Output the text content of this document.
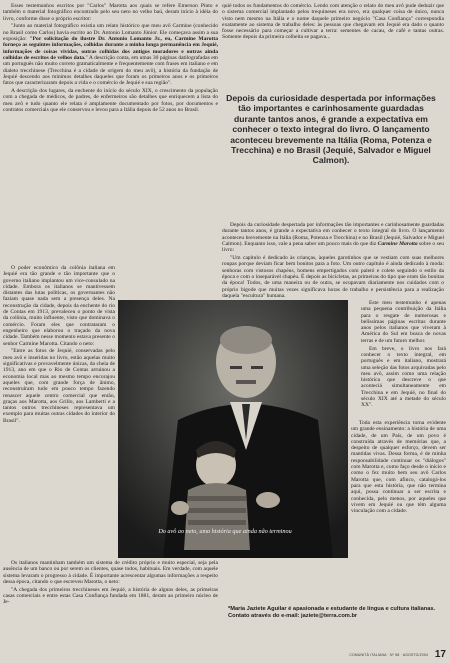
Esses testemunhos escritos por "Carlos" Marotta aos quais se refere Emerson Pinto e também o material fotográfico encontrado pelo seu neto no velho baú, deram início à idéia do livro, conforme disse o próprio escritor:

"Junto ao material fotográfico existia um relato histórico que meu avô Carmine (conhecido no Brasil como Carlos) havia escrito ao Dr. Antonio Lomanto Júnior. Ele começava assim a sua exposição: "Por solicitação do ilustre Dr. Antonio Lomanto Jr., eu, Carmine Marotta forneço as seguintes informações, colhidas durante a minha longa permanência em Jequié, informações de coisas vividas, outras colhidas dos antigos moradores e outras ainda colhidas de escritos de velhos data." A descrição conta, em umas 30 páginas datilografadas em um português não muito correto gramaticalmente e frequentemente com frases em italiano e em dialeto trecchinese (Trecchina é a cidade de origem do meu avô), a história da fundação de Jequié descendo aos mínimos detalhes daqueles que foram os primeiros anos e os primeiros fatos que caracterizaram depois a vida e o comércio de Jequié e sua região".

A descrição dos lugares, da enchente do início do século XIX, o crescimento da população com a chegada de médicos, de padres, de enfermeiros são detalhes que enriquecem a lista do meu avô e tudo quanto ele relata é amplamente documentado por fotos, por documentos e contratos comerciais que ele conservou e levou para a Itália depois de 52 anos no Brasil.

O poder econômico da colônia italiana em Jequié era tão grande e tão importante que o governo italiano implantou um vice-consulado na cidade. Embora os italianos se mantivessem distantes das lutas políticas, os governantes não faziam quase nada sem a presença deles. Na reconstrução da cidade, depois da enchente do rio de Contas em 1913, prevaleceu o ponto de vista da colônia, muito influente, visto que dominava o comércio. Foram eles que contrataram o engenheiro que elaborou o traçado da nova cidade. Também nesse momento estava presente o senhor Carmine Marotta. Citando o neto:

"Entre as fotos de Jequié, conservadas pelo meu avô e inseridas no livro, estão aquelas muito significativas e provavelmente únicas, da cheia de 1913, ano em que o Rio de Contas arruinou a economia local mas ao mesmo tempo encorajou aqueles que, com grande força de ânimo, reconstruíram tudo em pouco tempo fazendo renascer aquele centro comercial que então, graças aos Marotta, aos Grillo, aos Lamberti e a tantos outros trecchineses representava um exemplo para muitas outras cidades do interior do Brasil".

Os italianos mantinham também um sistema de crédito próprio e muito especial, seja pela ausência de um banco ou por serem os clientes, quase todos, habituais. Em verdade, com aquele sistema levaram o progresso à cidade. É importante acrescentar algumas informações a respeito dessa época, citando o que escreveu Marotta, o neto:

"A chegada dos primeiros trecchineses em Jequié, a história de alguns deles, as primeiras casas comerciais e entre estas Casa Confiança fundada em 1881, deram ao primeiro núcleo de Je-

quié todos os fundamentos do comércio. Lendo com atenção o relato do meu avô pude deduzir que o sistema comercial implantado pelos trequineses era novo, era qualquer coisa de único, nunca visto nem mesmo na Itália e o nome daquele primeiro negócio "Casa Confiança" correspondia exatamente ao sistema de trabalho deles: às pessoas que chegavam em Jequié era dado o quanto fosse necessário para começar a cultivar a terra: sementes de cacau, de café e tantas outras. Somente depois da primeira colheita se pagava...

Depois da curiosidade despertada por informações tão importantes e carinhosamente guardadas durante tantos anos, é grande a expectativa em conhecer o texto integral do livro. O lançamento aconteceu brevemente na Itália (Roma, Potenza e Trecchina) e no Brasil (Jequié, Salvador e Miguel Calmon).

Depois da curiosidade despertada por informações tão importantes e carinhosamente guardadas durante tantos anos, é grande a expectativa em conhecer o texto integral do livro. O lançamento aconteceu brevemente na Itália (Roma, Potenza e Trecchina) e no Brasil (Jequié, Salvador e Miguel Calmon). Enquanto isso, vale a pena saber um pouco mais do que diz Carmine Marotta sobre o seu livro:

"Um capítulo é dedicado às crianças, àqueles garotinhos que se vestiam com suas melhores roupas porque deviam ficar bem bonitos para a foto. Um outro capítulo é ainda dedicado à moda: senhoras com vistosos chapéus, homens empertigados com paletó e colete seguindo o estilo da época e com o inseparável chapéu. É depois as bicicletas, as primeiras do tipo que eram tão bonitas da época! Todos, de uma maneira ou de outra, se ocupavam diariamente nos cuidados com o próprio bigode que muitas vezes significava horas de trabalho e persistência para a realização daquela "escultura" humana.

Este meu testemunho é apenas uma pequena contribuição da Itália para o resgate de numerosas e belíssimas páginas escritas durante anos pelos italianos que viveram à América do Sul em busca de novas terras e de um futuro melhor.

Em breve, o livro nos fará conhecer o texto integral, em português e em italiano, mostrará uma seleção das fotos arquivadas pelo meu avô, assim como uma relação histórica que descreve o que aconteciá simultaneamente em Trecchina e em Jequié, no final do século XIX até a metade do século XX".

Toda esta experiência torna evidente um grande ensinamento: a história de uma cidade, de um País, de um povo é construída através de memórias que, a despeito de qualquer esforço, devem ser mantidas vivas. Dessa forma, é de minha responsabilidade continuar os "diálogos" com Marotta e, como faço desde o início e como o fez muito bem seu avô Carlos Marotta que, com afinco, catalogá-los para que esta história, que não termina aqui, possa continuar a ser escrita e conhecida, pelo menos, por aqueles que vivem em Jequié ou que têm alguma vinculação com a cidade.

Do avô ao neto, uma história que ainda não terminou
*Maria Jaziete Aguilar é apasionada e estudante de língua e cultura italianas.
Contato através do e-mail: jaziete@terra.com.br
COMUNITÀ ITALIANA · Nº 58 · AGOSTO/2004 17
